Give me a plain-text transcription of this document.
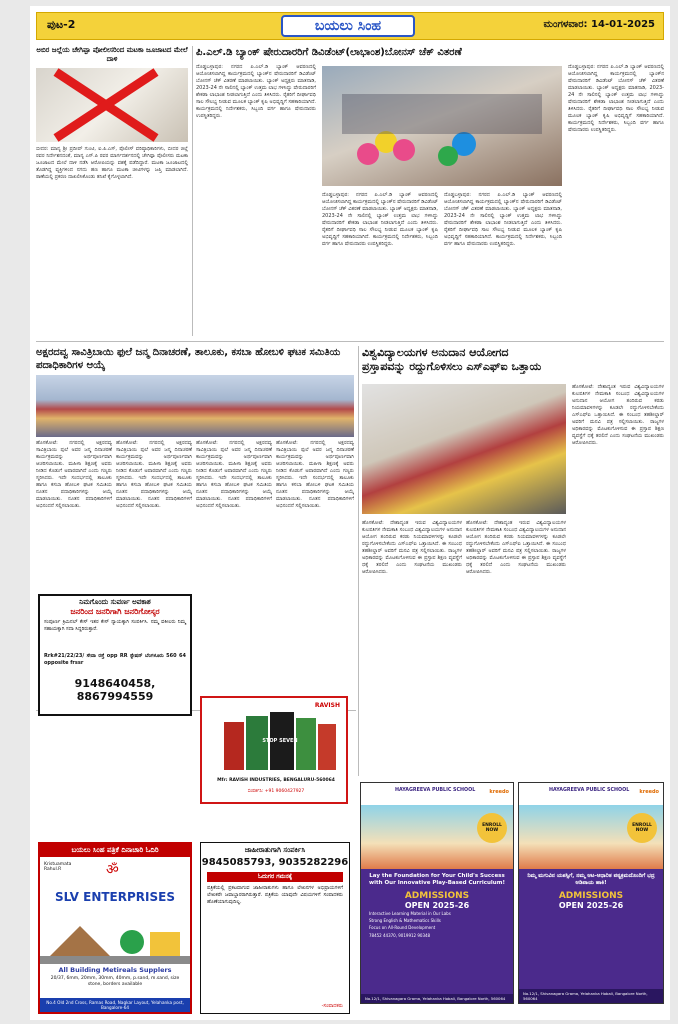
ಪುಟ-2	ಬಯಲು ಸಿಂಹ	ಮಂಗಳವಾರ: 14-01-2025
ಅಬಿರ ಜಲ್ಲೆಯ ಚೇಗಿಪ್ಪಾ ಪೋಲೀಸರಿಂದ ಮಟಕಾ ಜೂಜಾಟದ ಮೇಲೆ ದಾಳಿ
ಬೀದರ: ಮಾನ್ಯ ಶ್ರೀ ಪ್ರದೀಪ್ ಗುಂಟಿ, ಐ.ಪಿ.ಎಸ್, ಪೊಲೀಸ್ ವರಿಷ್ಠಾಧಿಕಾರಿಗಳು, ಬೀದರ ಜಿಲ್ಲೆ ರವರ ನಿರ್ದೇಶನದಂತೆ, ಮಾನ್ಯ ಎಸ್.ಪಿ ರವರ ಮಾರ್ಗದರ್ಶನದಲ್ಲಿ ಚೇಗಿಪ್ಪಾ ಪೊಲೀಸರು ಮಟಕಾ ಜೂಜಾಟದ ಮೇಲೆ ದಾಳಿ ನಡೆಸಿ ಆರೋಪಿಯನ್ನು ವಶಕ್ಕೆ ಪಡೆದಿದ್ದಾರೆ. ಮಟಕಾ ಜೂಜಾಟದಲ್ಲಿ ತೊಡಗಿದ್ದ ವ್ಯಕ್ತಿಗಳಿಂದ ನಗದು ಹಣ ಹಾಗೂ ಮಟಕಾ ಚೀಟಿಗಳನ್ನು ಜಪ್ತಿ ಮಾಡಲಾಗಿದೆ. ಠಾಣೆಯಲ್ಲಿ ಪ್ರಕರಣ ದಾಖಲಿಸಿಕೊಂಡು ತನಿಖೆ ಕೈಗೊಳ್ಳಲಾಗಿದೆ.
ಪಿ.ಎಲ್.ಡಿ ಬ್ಯಾಂಕ್ ಷೇರುದಾರರಿಗೆ ಡಿವಿಡೆಂಟ್(ಲಾಭಾಂಶ)ಬೋನಸ್ ಚೆಕ್ ವಿತರಣೆ
ದೊಡ್ಡಬಳ್ಳಾಪುರ: ನಗರದ ಪಿ.ಎಲ್.ಡಿ ಬ್ಯಾಂಕ್ ಆವರಣದಲ್ಲಿ ಆಯೋಜಿಸಲಾಗಿದ್ದ ಕಾರ್ಯಕ್ರಮದಲ್ಲಿ ಬ್ಯಾಂಕ್‌ನ ಷೇರುದಾರರಿಗೆ ಡಿವಿಡೆಂಟ್ ಬೋನಸ್ ಚೆಕ್ ವಿತರಣೆ ಮಾಡಲಾಯಿತು. ಬ್ಯಾಂಕ್ ಅಧ್ಯಕ್ಷರು ಮಾತನಾಡಿ, 2023-24 ನೇ ಸಾಲಿನಲ್ಲಿ ಬ್ಯಾಂಕ್ ಉತ್ತಮ ಲಾಭ ಗಳಿಸಿದ್ದು ಷೇರುದಾರರಿಗೆ ಶೇಕಡಾ ಲಾಭಾಂಶ ನೀಡಲಾಗುತ್ತಿದೆ ಎಂದು ತಿಳಿಸಿದರು. ರೈತರಿಗೆ ದೀರ್ಘಾವಧಿ ಸಾಲ ಸೌಲಭ್ಯ ನೀಡುವ ಮೂಲಕ ಬ್ಯಾಂಕ್ ಕೃಷಿ ಅಭಿವೃದ್ಧಿಗೆ ಸಹಕಾರಿಯಾಗಿದೆ. ಕಾರ್ಯಕ್ರಮದಲ್ಲಿ ನಿರ್ದೇಶಕರು, ಸಿಬ್ಬಂದಿ ವರ್ಗ ಹಾಗೂ ಷೇರುದಾರರು ಉಪಸ್ಥಿತರಿದ್ದರು.
ದೊಡ್ಡಬಳ್ಳಾಪುರ: ನಗರದ ಪಿ.ಎಲ್.ಡಿ ಬ್ಯಾಂಕ್ ಆವರಣದಲ್ಲಿ ಆಯೋಜಿಸಲಾಗಿದ್ದ ಕಾರ್ಯಕ್ರಮದಲ್ಲಿ ಬ್ಯಾಂಕ್‌ನ ಷೇರುದಾರರಿಗೆ ಡಿವಿಡೆಂಟ್ ಬೋನಸ್ ಚೆಕ್ ವಿತರಣೆ ಮಾಡಲಾಯಿತು. ಬ್ಯಾಂಕ್ ಅಧ್ಯಕ್ಷರು ಮಾತನಾಡಿ, 2023-24 ನೇ ಸಾಲಿನಲ್ಲಿ ಬ್ಯಾಂಕ್ ಉತ್ತಮ ಲಾಭ ಗಳಿಸಿದ್ದು ಷೇರುದಾರರಿಗೆ ಶೇಕಡಾ ಲಾಭಾಂಶ ನೀಡಲಾಗುತ್ತಿದೆ ಎಂದು ತಿಳಿಸಿದರು. ರೈತರಿಗೆ ದೀರ್ಘಾವಧಿ ಸಾಲ ಸೌಲಭ್ಯ ನೀಡುವ ಮೂಲಕ ಬ್ಯಾಂಕ್ ಕೃಷಿ ಅಭಿವೃದ್ಧಿಗೆ ಸಹಕಾರಿಯಾಗಿದೆ. ಕಾರ್ಯಕ್ರಮದಲ್ಲಿ ನಿರ್ದೇಶಕರು, ಸಿಬ್ಬಂದಿ ವರ್ಗ ಹಾಗೂ ಷೇರುದಾರರು ಉಪಸ್ಥಿತರಿದ್ದರು.
ದೊಡ್ಡಬಳ್ಳಾಪುರ: ನಗರದ ಪಿ.ಎಲ್.ಡಿ ಬ್ಯಾಂಕ್ ಆವರಣದಲ್ಲಿ ಆಯೋಜಿಸಲಾಗಿದ್ದ ಕಾರ್ಯಕ್ರಮದಲ್ಲಿ ಬ್ಯಾಂಕ್‌ನ ಷೇರುದಾರರಿಗೆ ಡಿವಿಡೆಂಟ್ ಬೋನಸ್ ಚೆಕ್ ವಿತರಣೆ ಮಾಡಲಾಯಿತು. ಬ್ಯಾಂಕ್ ಅಧ್ಯಕ್ಷರು ಮಾತನಾಡಿ, 2023-24 ನೇ ಸಾಲಿನಲ್ಲಿ ಬ್ಯಾಂಕ್ ಉತ್ತಮ ಲಾಭ ಗಳಿಸಿದ್ದು ಷೇರುದಾರರಿಗೆ ಶೇಕಡಾ ಲಾಭಾಂಶ ನೀಡಲಾಗುತ್ತಿದೆ ಎಂದು ತಿಳಿಸಿದರು. ರೈತರಿಗೆ ದೀರ್ಘಾವಧಿ ಸಾಲ ಸೌಲಭ್ಯ ನೀಡುವ ಮೂಲಕ ಬ್ಯಾಂಕ್ ಕೃಷಿ ಅಭಿವೃದ್ಧಿಗೆ ಸಹಕಾರಿಯಾಗಿದೆ. ಕಾರ್ಯಕ್ರಮದಲ್ಲಿ ನಿರ್ದೇಶಕರು, ಸಿಬ್ಬಂದಿ ವರ್ಗ ಹಾಗೂ ಷೇರುದಾರರು ಉಪಸ್ಥಿತರಿದ್ದರು.
ದೊಡ್ಡಬಳ್ಳಾಪುರ: ನಗರದ ಪಿ.ಎಲ್.ಡಿ ಬ್ಯಾಂಕ್ ಆವರಣದಲ್ಲಿ ಆಯೋಜಿಸಲಾಗಿದ್ದ ಕಾರ್ಯಕ್ರಮದಲ್ಲಿ ಬ್ಯಾಂಕ್‌ನ ಷೇರುದಾರರಿಗೆ ಡಿವಿಡೆಂಟ್ ಬೋನಸ್ ಚೆಕ್ ವಿತರಣೆ ಮಾಡಲಾಯಿತು. ಬ್ಯಾಂಕ್ ಅಧ್ಯಕ್ಷರು ಮಾತನಾಡಿ, 2023-24 ನೇ ಸಾಲಿನಲ್ಲಿ ಬ್ಯಾಂಕ್ ಉತ್ತಮ ಲಾಭ ಗಳಿಸಿದ್ದು ಷೇರುದಾರರಿಗೆ ಶೇಕಡಾ ಲಾಭಾಂಶ ನೀಡಲಾಗುತ್ತಿದೆ ಎಂದು ತಿಳಿಸಿದರು. ರೈತರಿಗೆ ದೀರ್ಘಾವಧಿ ಸಾಲ ಸೌಲಭ್ಯ ನೀಡುವ ಮೂಲಕ ಬ್ಯಾಂಕ್ ಕೃಷಿ ಅಭಿವೃದ್ಧಿಗೆ ಸಹಕಾರಿಯಾಗಿದೆ. ಕಾರ್ಯಕ್ರಮದಲ್ಲಿ ನಿರ್ದೇಶಕರು, ಸಿಬ್ಬಂದಿ ವರ್ಗ ಹಾಗೂ ಷೇರುದಾರರು ಉಪಸ್ಥಿತರಿದ್ದರು.
ಅಕ್ಷರದವ್ವ ಸಾವಿತ್ರಿಬಾಯಿ ಫುಲೆ ಜನ್ಮ ದಿನಾಚರಣೆ, ತಾಲೂಕು, ಕಸಬಾ ಹೋಬಳಿ ಘಟಕ ಸಮಿತಿಯ ಪದಾಧಿಕಾರಿಗಳ ಆಯ್ಕೆ
ಹೊಸಕೋಟೆ: ನಗರದಲ್ಲಿ ಅಕ್ಷರದವ್ವ ಸಾವಿತ್ರಿಬಾಯಿ ಫುಲೆ ಅವರ ಜನ್ಮ ದಿನಾಚರಣೆ ಕಾರ್ಯಕ್ರಮವನ್ನು ಅರ್ಥಪೂರ್ಣವಾಗಿ ಆಚರಿಸಲಾಯಿತು. ಮಹಿಳಾ ಶಿಕ್ಷಣಕ್ಕೆ ಅವರು ನೀಡಿದ ಕೊಡುಗೆ ಅಪಾರವಾಗಿದೆ ಎಂದು ಗಣ್ಯರು ಸ್ಮರಿಸಿದರು. ಇದೇ ಸಂದರ್ಭದಲ್ಲಿ ತಾಲೂಕು ಹಾಗೂ ಕಸಬಾ ಹೋಬಳಿ ಘಟಕ ಸಮಿತಿಯ ನೂತನ ಪದಾಧಿಕಾರಿಗಳನ್ನು ಆಯ್ಕೆ ಮಾಡಲಾಯಿತು. ನೂತನ ಪದಾಧಿಕಾರಿಗಳಿಗೆ ಅಭಿನಂದನೆ ಸಲ್ಲಿಸಲಾಯಿತು.
ಹೊಸಕೋಟೆ: ನಗರದಲ್ಲಿ ಅಕ್ಷರದವ್ವ ಸಾವಿತ್ರಿಬಾಯಿ ಫುಲೆ ಅವರ ಜನ್ಮ ದಿನಾಚರಣೆ ಕಾರ್ಯಕ್ರಮವನ್ನು ಅರ್ಥಪೂರ್ಣವಾಗಿ ಆಚರಿಸಲಾಯಿತು. ಮಹಿಳಾ ಶಿಕ್ಷಣಕ್ಕೆ ಅವರು ನೀಡಿದ ಕೊಡುಗೆ ಅಪಾರವಾಗಿದೆ ಎಂದು ಗಣ್ಯರು ಸ್ಮರಿಸಿದರು. ಇದೇ ಸಂದರ್ಭದಲ್ಲಿ ತಾಲೂಕು ಹಾಗೂ ಕಸಬಾ ಹೋಬಳಿ ಘಟಕ ಸಮಿತಿಯ ನೂತನ ಪದಾಧಿಕಾರಿಗಳನ್ನು ಆಯ್ಕೆ ಮಾಡಲಾಯಿತು. ನೂತನ ಪದಾಧಿಕಾರಿಗಳಿಗೆ ಅಭಿನಂದನೆ ಸಲ್ಲಿಸಲಾಯಿತು.
ಹೊಸಕೋಟೆ: ನಗರದಲ್ಲಿ ಅಕ್ಷರದವ್ವ ಸಾವಿತ್ರಿಬಾಯಿ ಫುಲೆ ಅವರ ಜನ್ಮ ದಿನಾಚರಣೆ ಕಾರ್ಯಕ್ರಮವನ್ನು ಅರ್ಥಪೂರ್ಣವಾಗಿ ಆಚರಿಸಲಾಯಿತು. ಮಹಿಳಾ ಶಿಕ್ಷಣಕ್ಕೆ ಅವರು ನೀಡಿದ ಕೊಡುಗೆ ಅಪಾರವಾಗಿದೆ ಎಂದು ಗಣ್ಯರು ಸ್ಮರಿಸಿದರು. ಇದೇ ಸಂದರ್ಭದಲ್ಲಿ ತಾಲೂಕು ಹಾಗೂ ಕಸಬಾ ಹೋಬಳಿ ಘಟಕ ಸಮಿತಿಯ ನೂತನ ಪದಾಧಿಕಾರಿಗಳನ್ನು ಆಯ್ಕೆ ಮಾಡಲಾಯಿತು. ನೂತನ ಪದಾಧಿಕಾರಿಗಳಿಗೆ ಅಭಿನಂದನೆ ಸಲ್ಲಿಸಲಾಯಿತು.
ಹೊಸಕೋಟೆ: ನಗರದಲ್ಲಿ ಅಕ್ಷರದವ್ವ ಸಾವಿತ್ರಿಬಾಯಿ ಫುಲೆ ಅವರ ಜನ್ಮ ದಿನಾಚರಣೆ ಕಾರ್ಯಕ್ರಮವನ್ನು ಅರ್ಥಪೂರ್ಣವಾಗಿ ಆಚರಿಸಲಾಯಿತು. ಮಹಿಳಾ ಶಿಕ್ಷಣಕ್ಕೆ ಅವರು ನೀಡಿದ ಕೊಡುಗೆ ಅಪಾರವಾಗಿದೆ ಎಂದು ಗಣ್ಯರು ಸ್ಮರಿಸಿದರು. ಇದೇ ಸಂದರ್ಭದಲ್ಲಿ ತಾಲೂಕು ಹಾಗೂ ಕಸಬಾ ಹೋಬಳಿ ಘಟಕ ಸಮಿತಿಯ ನೂತನ ಪದಾಧಿಕಾರಿಗಳನ್ನು ಆಯ್ಕೆ ಮಾಡಲಾಯಿತು. ನೂತನ ಪದಾಧಿಕಾರಿಗಳಿಗೆ ಅಭಿನಂದನೆ ಸಲ್ಲಿಸಲಾಯಿತು.
ವಿಶ್ವವಿದ್ಯಾಲಯಗಳ ಅನುದಾನ ಆಯೋಗದ
ಪ್ರಸ್ತಾಪವನ್ನು ರದ್ದುಗೊಳಿಸಲು ಎಸ್‌ಎಫ್‌ಐ ಒತ್ತಾಯ
ಹೊಸಕೋಟೆ: ದೇಶಾದ್ಯಂತ ಇರುವ ವಿಶ್ವವಿದ್ಯಾಲಯಗಳ ಕುಲಪತಿಗಳ ನೇಮಕಾತಿ ಸಂಬಂಧ ವಿಶ್ವವಿದ್ಯಾಲಯಗಳ ಅನುದಾನ ಆಯೋಗ ತಂದಿರುವ ಕರಡು ನಿಯಮಾವಳಿಗಳನ್ನು ಕೂಡಲೇ ರದ್ದುಗೊಳಿಸಬೇಕೆಂದು ಎಸ್‌ಎಫ್‌ಐ ಒತ್ತಾಯಿಸಿದೆ. ಈ ಸಂಬಂಧ ತಹಶೀಲ್ದಾರ್ ಅವರಿಗೆ ಮನವಿ ಪತ್ರ ಸಲ್ಲಿಸಲಾಯಿತು. ರಾಜ್ಯಗಳ ಅಧಿಕಾರವನ್ನು ಮೊಟಕುಗೊಳಿಸುವ ಈ ಪ್ರಸ್ತಾಪ ಶಿಕ್ಷಣ ವ್ಯವಸ್ಥೆಗೆ ಧಕ್ಕೆ ತರಲಿದೆ ಎಂದು ಸಂಘಟನೆಯ ಮುಖಂಡರು ಆರೋಪಿಸಿದರು.
ಹೊಸಕೋಟೆ: ದೇಶಾದ್ಯಂತ ಇರುವ ವಿಶ್ವವಿದ್ಯಾಲಯಗಳ ಕುಲಪತಿಗಳ ನೇಮಕಾತಿ ಸಂಬಂಧ ವಿಶ್ವವಿದ್ಯಾಲಯಗಳ ಅನುದಾನ ಆಯೋಗ ತಂದಿರುವ ಕರಡು ನಿಯಮಾವಳಿಗಳನ್ನು ಕೂಡಲೇ ರದ್ದುಗೊಳಿಸಬೇಕೆಂದು ಎಸ್‌ಎಫ್‌ಐ ಒತ್ತಾಯಿಸಿದೆ. ಈ ಸಂಬಂಧ ತಹಶೀಲ್ದಾರ್ ಅವರಿಗೆ ಮನವಿ ಪತ್ರ ಸಲ್ಲಿಸಲಾಯಿತು. ರಾಜ್ಯಗಳ ಅಧಿಕಾರವನ್ನು ಮೊಟಕುಗೊಳಿಸುವ ಈ ಪ್ರಸ್ತಾಪ ಶಿಕ್ಷಣ ವ್ಯವಸ್ಥೆಗೆ ಧಕ್ಕೆ ತರಲಿದೆ ಎಂದು ಸಂಘಟನೆಯ ಮುಖಂಡರು ಆರೋಪಿಸಿದರು.
ಹೊಸಕೋಟೆ: ದೇಶಾದ್ಯಂತ ಇರುವ ವಿಶ್ವವಿದ್ಯಾಲಯಗಳ ಕುಲಪತಿಗಳ ನೇಮಕಾತಿ ಸಂಬಂಧ ವಿಶ್ವವಿದ್ಯಾಲಯಗಳ ಅನುದಾನ ಆಯೋಗ ತಂದಿರುವ ಕರಡು ನಿಯಮಾವಳಿಗಳನ್ನು ಕೂಡಲೇ ರದ್ದುಗೊಳಿಸಬೇಕೆಂದು ಎಸ್‌ಎಫ್‌ಐ ಒತ್ತಾಯಿಸಿದೆ. ಈ ಸಂಬಂಧ ತಹಶೀಲ್ದಾರ್ ಅವರಿಗೆ ಮನವಿ ಪತ್ರ ಸಲ್ಲಿಸಲಾಯಿತು. ರಾಜ್ಯಗಳ ಅಧಿಕಾರವನ್ನು ಮೊಟಕುಗೊಳಿಸುವ ಈ ಪ್ರಸ್ತಾಪ ಶಿಕ್ಷಣ ವ್ಯವಸ್ಥೆಗೆ ಧಕ್ಕೆ ತರಲಿದೆ ಎಂದು ಸಂಘಟನೆಯ ಮುಖಂಡರು ಆರೋಪಿಸಿದರು.
ನಿಮಗೊಂದು ಸುವರ್ಣ ಅವಕಾಶ
ಜನರಿಂದ ಜನರಿಗಾಗಿ ಜನರಿಗೋಸ್ಕರ
ಸಂಪೂರ್ಣ ಕ್ರಿಮಿನಲ್ ಕೇಸ್ ಇತರ ಕೇಸ್ ನ್ಯಾಯಕ್ಕಾಗಿ ಸಂಪರ್ಕಿಸಿ. ನಮ್ಮ ವಕೀಲರು ನಿಮ್ಮ ಸಹಾಯಕ್ಕಾಗಿ ಸದಾ ಸಿದ್ಧರಿರುತ್ತಾರೆ.
Rrk#21/22/23/ ಸೇವಾ ರಸ್ತೆ opp RR ಸ್ಟೇಷನ್ ಬೆಂಗಳೂರು 560 64 opposite frssr
9148640458, 8867994559
RAVISH
STOP SEVEN
Mfr: RAVISH INDUSTRIES, BENGALURU-560064
ಸಂಪರ್ಕಿಸಿ: +91 9060427927
ಬಯಲು ಸಿಂಹ ಪತ್ರಿಕೆ ದಿನಾಚಾರಿ ಓದಿರಿ
Kristuamata Rahul.R	ॐ
SLV ENTERPRISES
All Building Metireals Supplers
20/37, 6mm, 20mm, 30mm, 40mm, p.sand, m.sand, size stone, borders available
No.4 Old 2nd Cross, Ramas Road, Nagkar Layout, Yelahanka post, Bangalore-64
ಜಾಹೀರಾತುಗಾಗಿ ಸಂಪರ್ಕಿಸಿ
9845085793, 9035282296
ಓದುಗರ ಗಮನಕ್ಕೆ
ಪತ್ರಿಕೆಯಲ್ಲಿ ಪ್ರಕಟವಾಗುವ ಜಾಹೀರಾತುಗಳು ಹಾಗೂ ಲೇಖನಗಳ ಅಭಿಪ್ರಾಯಗಳಿಗೆ ಲೇಖಕರೇ ಜವಾಬ್ದಾರರಾಗಿರುತ್ತಾರೆ. ಪತ್ರಿಕೆಯ ಯಾವುದೇ ವಿಷಯಗಳಿಗೆ ಸಂಪಾದಕರು ಹೊಣೆಯಾಗುವುದಿಲ್ಲ.
-ಸಂಪಾದಕರು
HAYAGREEVA PUBLIC SCHOOL	kreedo
ENROLL NOW
Lay the Foundation for Your Child's Success with Our Innovative Play-Based Curriculum!
ADMISSIONS
OPEN 2025-26
Interactive Learning Material in Our Labs
Strong English & Mathematics Skills
Focus on All-Round Development
78452 44370, 9019912 90348
No.12/1, Shivanagara Grama, Yelahanka Hobali, Bangalore North, 560064
HAYAGREEVA PUBLIC SCHOOL	kreedo
ENROLL NOW
ನಿಮ್ಮ ಮಗುವಿನ ಯಶಸ್ಸಿಗೆ, ನಮ್ಮ ಆಟ-ಆಧಾರಿತ ಪಠ್ಯಕ್ರಮದೊಂದಿಗೆ ಭದ್ರ ಅಡಿಪಾಯ ಹಾಕಿ!
ADMISSIONS
OPEN 2025-26
No.12/1, Shivanagara Grama, Yelahanka Hobali, Bangalore North, 560064
